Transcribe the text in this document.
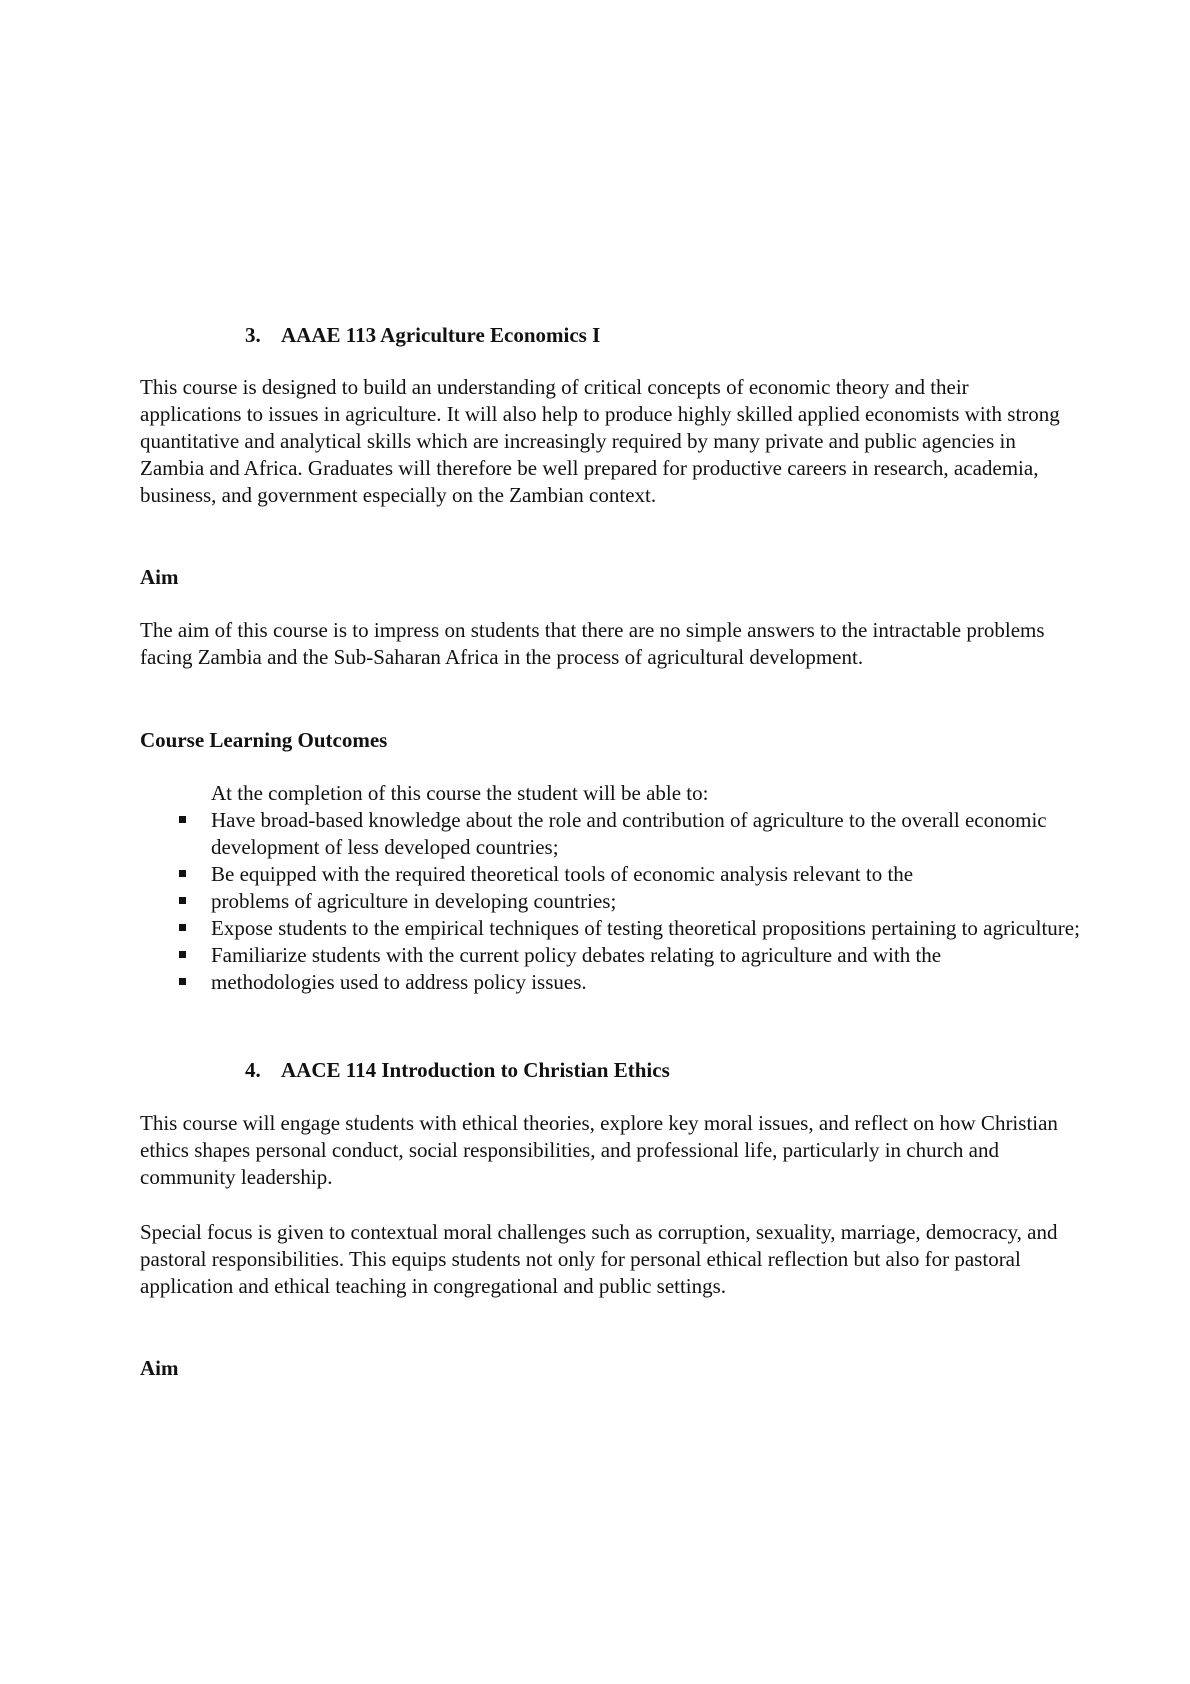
3. AAAE 113 Agriculture Economics I

This course is designed to build an understanding of critical concepts of economic theory and their applications to issues in agriculture. It will also help to produce highly skilled applied economists with strong quantitative and analytical skills which are increasingly required by many private and public agencies in Zambia and Africa. Graduates will therefore be well prepared for productive careers in research, academia, business, and government especially on the Zambian context.

Aim

The aim of this course is to impress on students that there are no simple answers to the intractable problems facing Zambia and the Sub-Saharan Africa in the process of agricultural development.

Course Learning Outcomes

At the completion of this course the student will be able to:
Have broad-based knowledge about the role and contribution of agriculture to the overall economic development of less developed countries;
Be equipped with the required theoretical tools of economic analysis relevant to the
problems of agriculture in developing countries;
Expose students to the empirical techniques of testing theoretical propositions pertaining to agriculture;
Familiarize students with the current policy debates relating to agriculture and with the
methodologies used to address policy issues.
4. AACE 114 Introduction to Christian Ethics

This course will engage students with ethical theories, explore key moral issues, and reflect on how Christian ethics shapes personal conduct, social responsibilities, and professional life, particularly in church and community leadership.

Special focus is given to contextual moral challenges such as corruption, sexuality, marriage, democracy, and pastoral responsibilities. This equips students not only for personal ethical reflection but also for pastoral application and ethical teaching in congregational and public settings.

Aim
